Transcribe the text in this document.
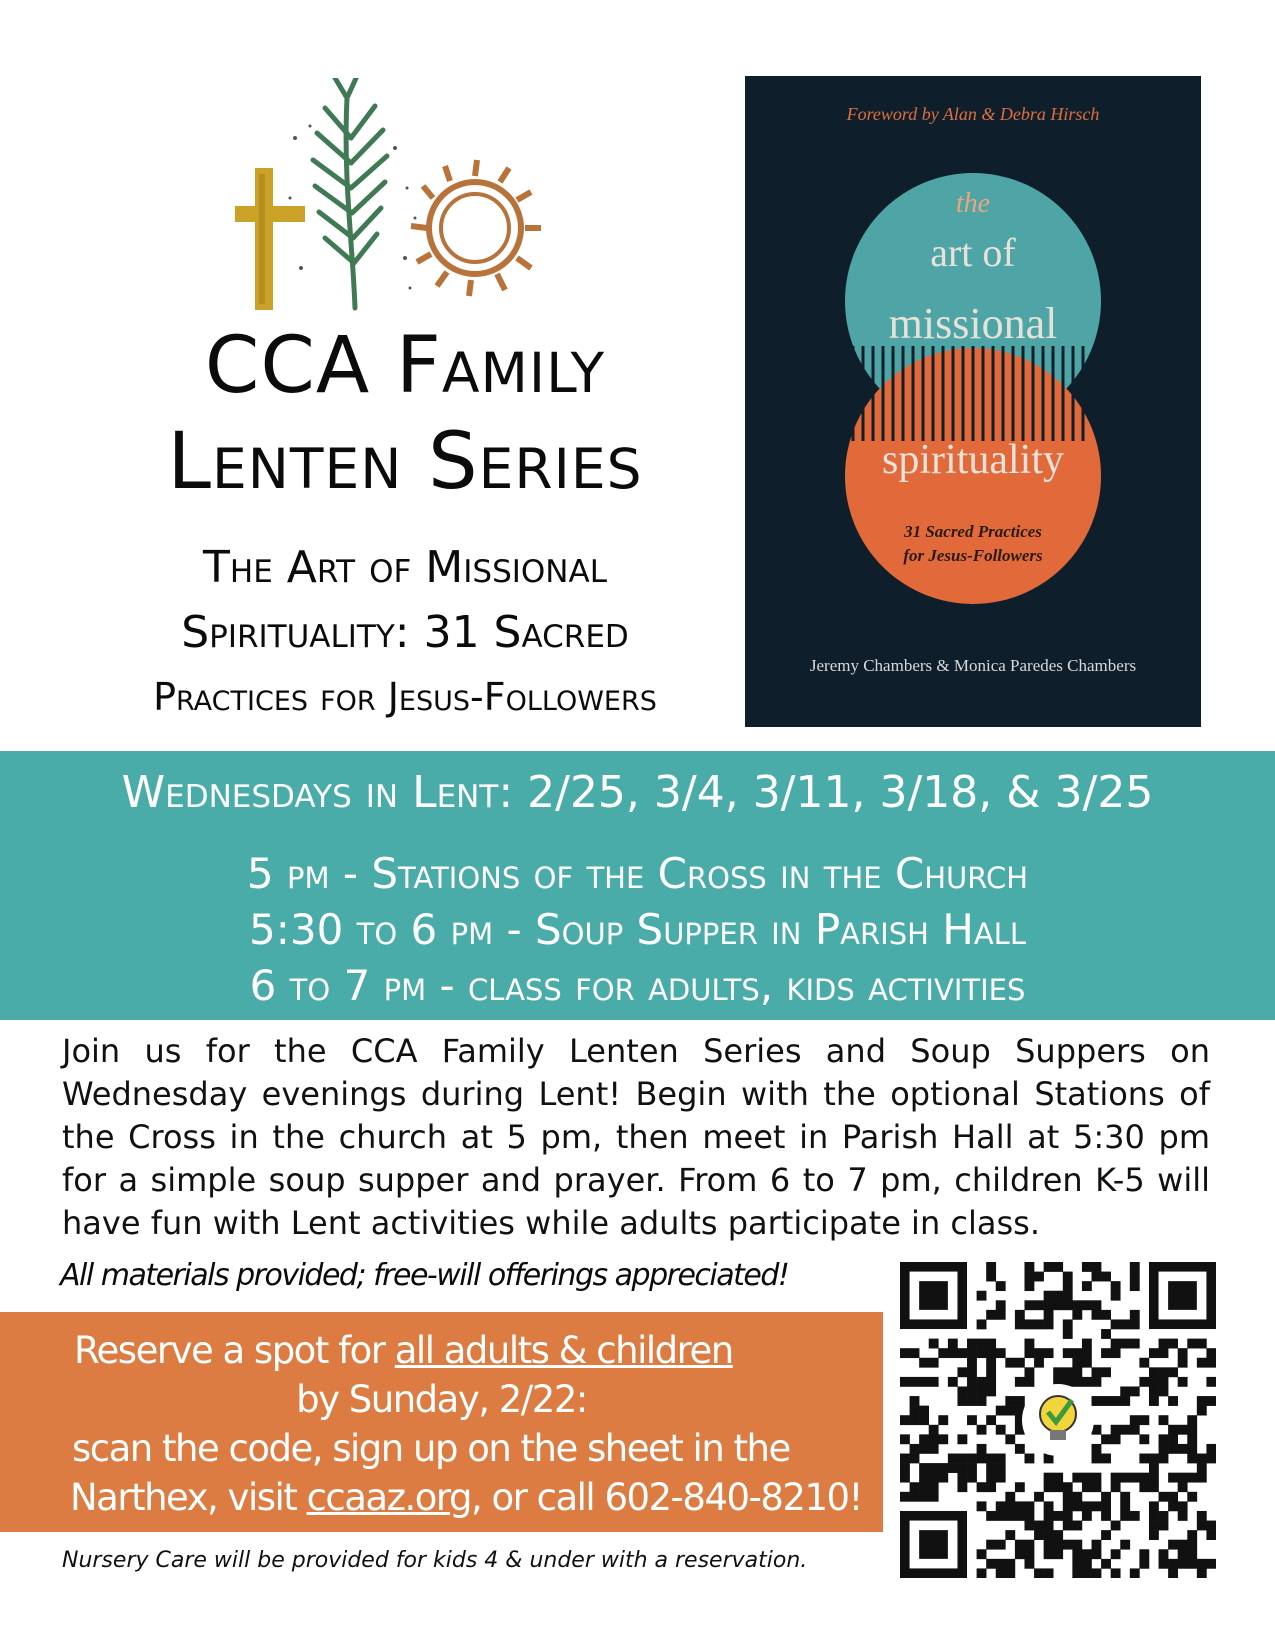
CCA Family
Lenten Series
The Art of Missional
Spirituality: 31 Sacred
Practices for Jesus-Followers
Foreword by Alan & Debra Hirsch
the
art of
missional
spirituality
31 Sacred Practices
for Jesus-Followers
Jeremy Chambers & Monica Paredes Chambers
Wednesdays in Lent: 2/25, 3/4, 3/11, 3/18, & 3/25
5 pm - Stations of the Cross in the Church
5:30 to 6 pm - Soup Supper in Parish Hall
6 to 7 pm - class for adults, kids activities
Join us for the CCA Family Lenten Series and Soup Suppers on Wednesday evenings during Lent! Begin with the optional Stations of the Cross in the church at 5 pm, then meet in Parish Hall at 5:30 pm for a simple soup supper and prayer. From 6 to 7 pm, children K-5 will have fun with Lent activities while adults participate in class.
All materials provided; free-will offerings appreciated!
Reserve a spot for all adults & children
by Sunday, 2/22:
scan the code, sign up on the sheet in the
Narthex, visit ccaaz.org, or call 602-840-8210!
Nursery Care will be provided for kids 4 & under with a reservation.
